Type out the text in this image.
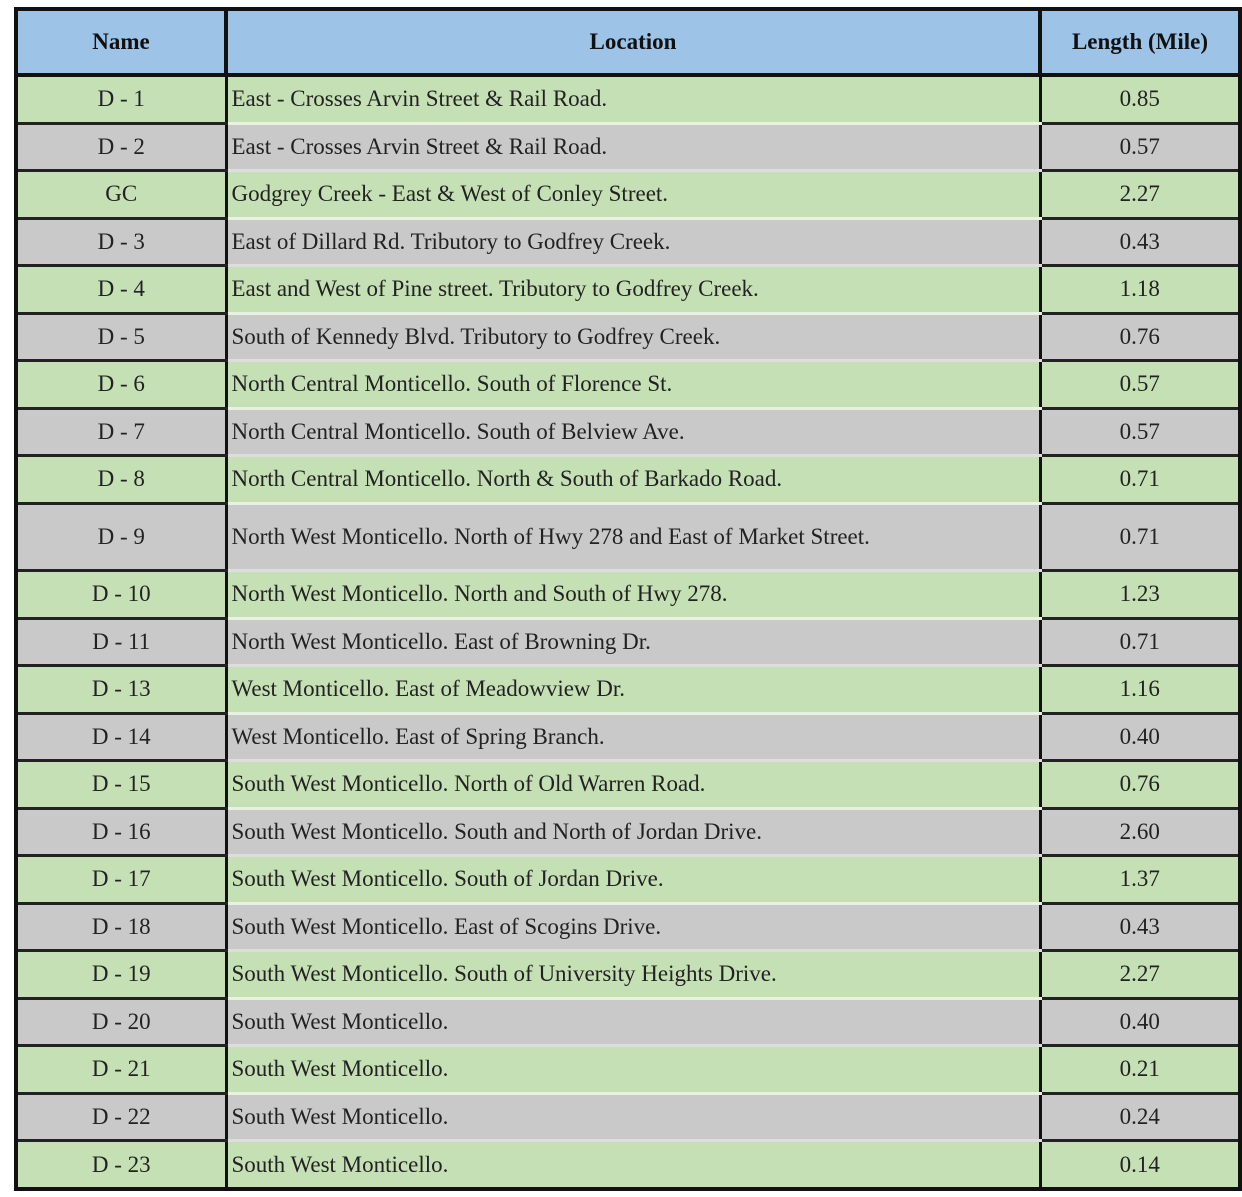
Name	Location	Length (Mile)
D - 1	East - Crosses Arvin Street & Rail Road.	0.85
D - 2	East - Crosses Arvin Street & Rail Road.	0.57
GC	Godgrey Creek - East & West of Conley Street.	2.27
D - 3	East of Dillard Rd. Tributory to Godfrey Creek.	0.43
D - 4	East and West of Pine street. Tributory to Godfrey Creek.	1.18
D - 5	South of Kennedy Blvd. Tributory to Godfrey Creek.	0.76
D - 6	North Central Monticello. South of Florence St.	0.57
D - 7	North Central Monticello. South of Belview Ave.	0.57
D - 8	North Central Monticello. North & South of Barkado Road.	0.71
D - 9	North West Monticello. North of Hwy 278 and East of Market Street.	0.71
D - 10	North West Monticello. North and South of Hwy 278.	1.23
D - 11	North West Monticello. East of Browning Dr.	0.71
D - 13	West Monticello. East of Meadowview Dr.	1.16
D - 14	West Monticello. East of Spring Branch.	0.40
D - 15	South West Monticello. North of Old Warren Road.	0.76
D - 16	South West Monticello. South and North of Jordan Drive.	2.60
D - 17	South West Monticello. South of Jordan Drive.	1.37
D - 18	South West Monticello. East of Scogins Drive.	0.43
D - 19	South West Monticello. South of University Heights Drive.	2.27
D - 20	South West Monticello.	0.40
D - 21	South West Monticello.	0.21
D - 22	South West Monticello.	0.24
D - 23	South West Monticello.	0.14
